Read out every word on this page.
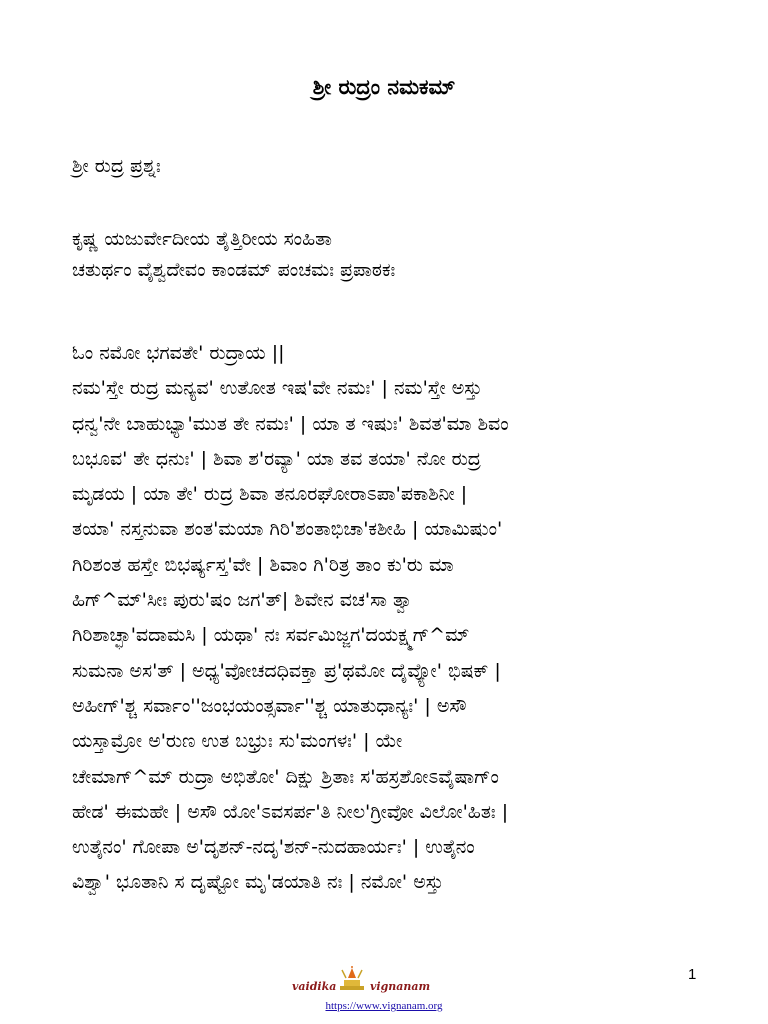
ಶ್ರೀ ರುದ್ರಂ ನಮಕಮ್
ಶ್ರೀ ರುದ್ರ ಪ್ರಶ್ನಃ
ಕೃಷ್ಣ ಯಜುರ್ವೇದೀಯ ತೈತ್ತಿರೀಯ ಸಂಹಿತಾ
ಚತುರ್ಥಂ ವೈಶ್ವದೇವಂ ಕಾಂಡಮ್ ಪಂಚಮಃ ಪ್ರಪಾಠಕಃ
ಓಂ ನಮೋ ಭಗವತೇ' ರುದ್ರಾಯ ||
ನಮ'ಸ್ತೇ ರುದ್ರ ಮನ್ಯವ' ಉತೋತ ಇಷ'ವೇ ನಮಃ' | ನಮ'ಸ್ತೇ ಅಸ್ತು
ಧನ್ವ'ನೇ ಬಾಹುಭ್ಯಾ'ಮುತ ತೇ ನಮಃ' | ಯಾ ತ ಇಷುಃ' ಶಿವತ'ಮಾ ಶಿವಂ
ಬಭೂವ' ತೇ ಧನುಃ' | ಶಿವಾ ಶ'ರವ್ಯಾ' ಯಾ ತವ ತಯಾ' ನೋ ರುದ್ರ
ಮೃಡಯ | ಯಾ ತೇ' ರುದ್ರ ಶಿವಾ ತನೂರಘೋರಾಽಪಾ'ಪಕಾಶಿನೀ |
ತಯಾ' ನಸ್ತನುವಾ ಶಂತ'ಮಯಾ ಗಿರಿ'ಶಂತಾಭಿಚಾ'ಕಶೀಹಿ | ಯಾಮಿಷುಂ'
ಗಿರಿಶಂತ ಹಸ್ತೇ ಬಿಭರ್ಷ್ಯಸ್ತ'ವೇ | ಶಿವಾಂ ಗಿ'ರಿತ್ರ ತಾಂ ಕು'ರು ಮಾ
ಹಿಗ್^ಮ್'ಸೀಃ ಪುರು'ಷಂ ಜಗ'ತ್| ಶಿವೇನ ವಚ'ಸಾ ತ್ವಾ
ಗಿರಿಶಾಚ್ಛಾ'ವದಾಮಸಿ | ಯಥಾ' ನಃ ಸರ್ವಮಿಜ್ಜಗ'ದಯಕ್ಷ್ಮಗ್^ಮ್
ಸುಮನಾ ಅಸ'ತ್ | ಅಧ್ಯ'ವೋಚದಧಿವಕ್ತಾ ಪ್ರ'ಥಮೋ ದೈವ್ಯೋ' ಭಿಷಕ್ |
ಅಹೀಗ್'ಶ್ಚ ಸರ್ವಾಂ''ಜಂಭಯಂತ್ಸರ್ವಾ''ಶ್ಚ ಯಾತುಧಾನ್ಯಃ' | ಅಸೌ
ಯಸ್ತಾಮ್ರೋ ಅ'ರುಣ ಉತ ಬಭ್ರುಃ ಸು'ಮಂಗಳಃ' | ಯೇ
ಚೇಮಾಗ್^ಮ್ ರುದ್ರಾ ಅಭಿತೋ' ದಿಕ್ಷು ಶ್ರಿತಾಃ ಸ'ಹಸ್ರಶೋಽವೈಷಾಗ್ಂ
ಹೇಡ' ಈಮಹೇ | ಅಸೌ ಯೋ'ಽವಸರ್ಪ'ತಿ ನೀಲ'ಗ್ರೀವೋ ವಿಲೋ'ಹಿತಃ |
ಉತೈನಂ' ಗೋಪಾ ಅ'ದೃಶನ್-ನದೃ'ಶನ್-ನುದಹಾರ್ಯಃ' | ಉತೈನಂ
ವಿಶ್ವಾ' ಭೂತಾನಿ ಸ ದೃಷ್ಟೋ ಮೃ'ಡಯಾತಿ ನಃ | ನಮೋ' ಅಸ್ತು
vaidika	vignanam
https://www.vignanam.org
1
